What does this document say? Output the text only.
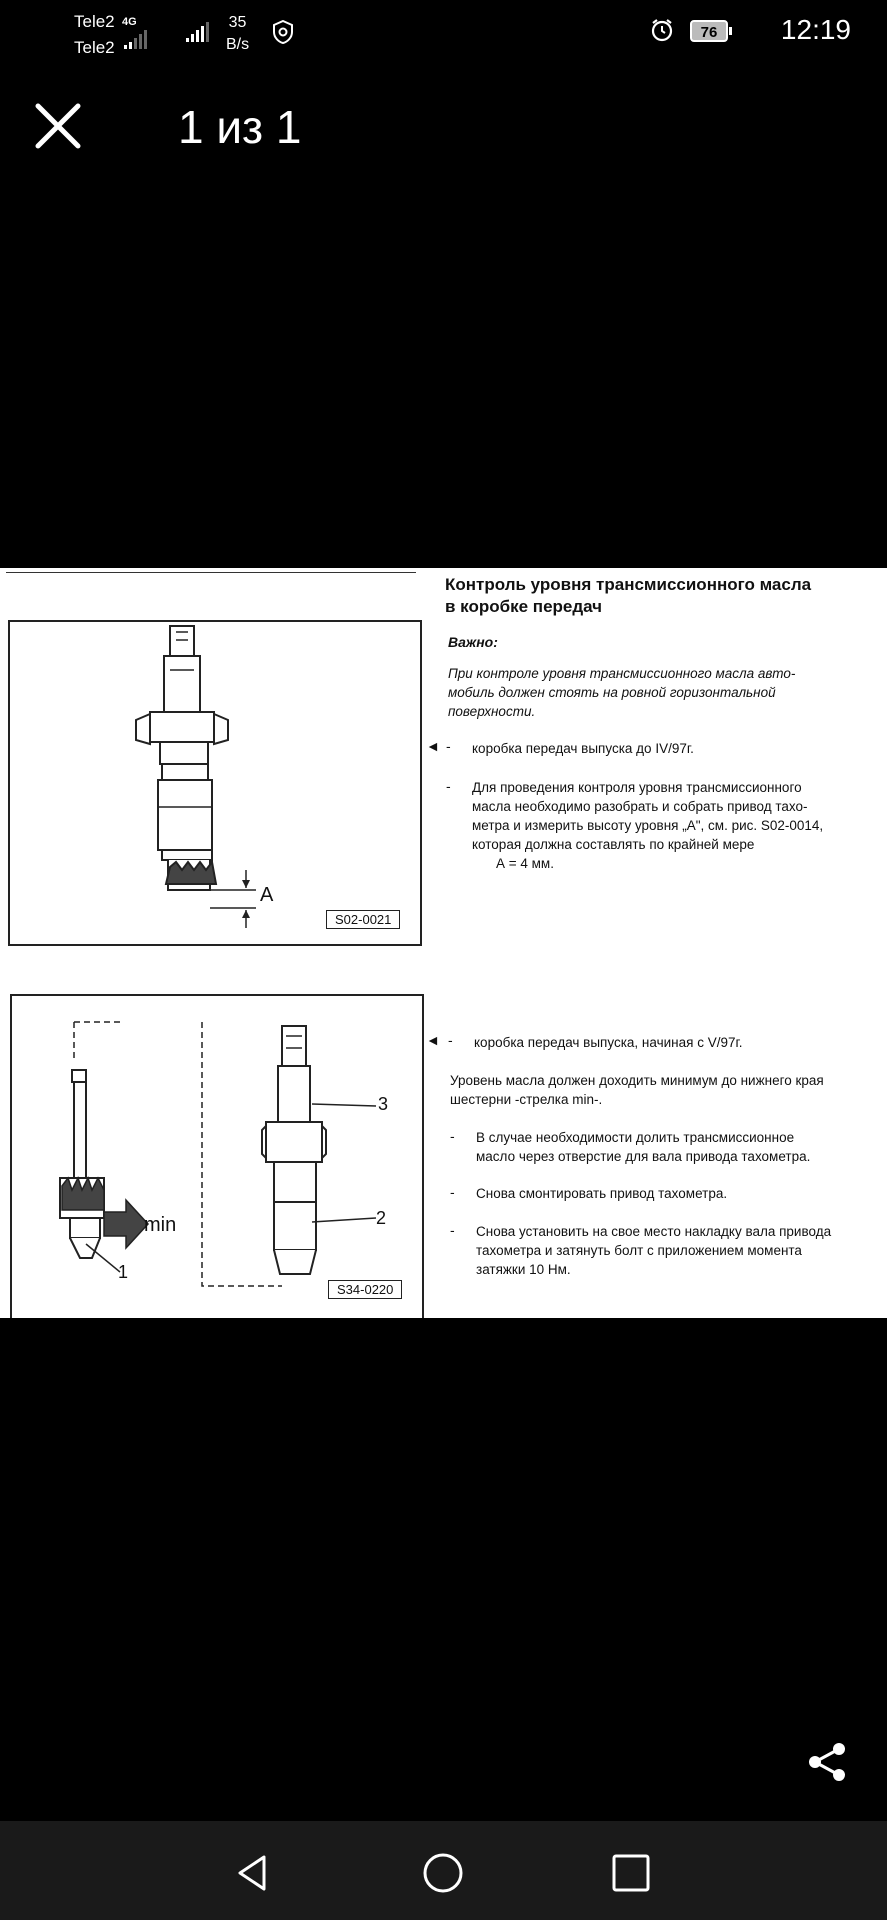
Tele2
Tele2
4G	35
B/s
76	12:19
1 из 1
Контроль уровня трансмиссионного масла
в коробке передач
Важно:
При контроле уровня трансмиссионного масла авто-
мобиль должен стоять на ровной горизонтальной
поверхности.
◄ - коробка передач выпуска до IV/97г.
- Для проведения контроля уровня трансмиссионного
масла необходимо разобрать и собрать привод тахо-
метра и измерить высоту уровня „А", см. рис. S02-0014,
которая должна составлять по крайней мере
А = 4 мм.
◄ - коробка передач выпуска, начиная с V/97г.
Уровень масла должен доходить минимум до нижнего края
шестерни -стрелка min-.
- В случае необходимости долить трансмиссионное
масло через отверстие для вала привода тахометра.
- Снова смонтировать привод тахометра.
- Снова установить на свое место накладку вала привода
тахометра и затянуть болт с приложением момента
затяжки 10 Нм.
A
S02-0021
min
1
2
3
S34-0220
